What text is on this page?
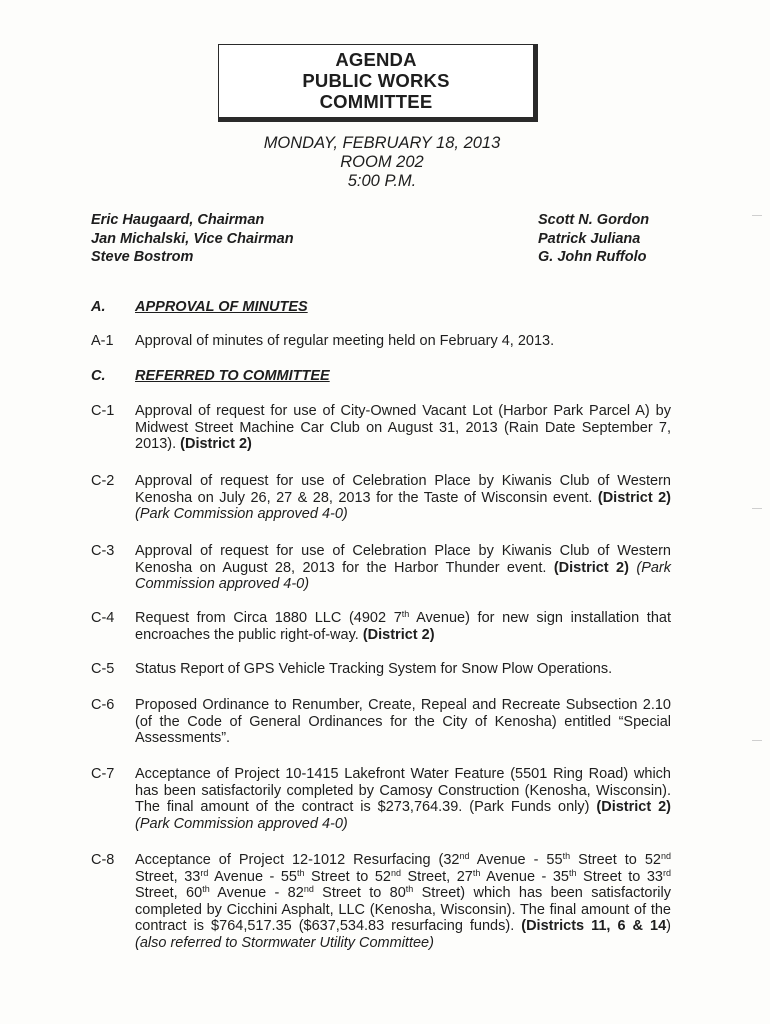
AGENDA
PUBLIC WORKS
COMMITTEE
MONDAY, FEBRUARY 18, 2013
ROOM 202
5:00 P.M.
Eric Haugaard, Chairman
Jan Michalski, Vice Chairman
Steve Bostrom
Scott N. Gordon
Patrick Juliana
G. John Ruffolo
A. APPROVAL OF MINUTES
A-1 Approval of minutes of regular meeting held on February 4, 2013.
C. REFERRED TO COMMITTEE
C-1 Approval of request for use of City-Owned Vacant Lot (Harbor Park Parcel A) by Midwest Street Machine Car Club on August 31, 2013 (Rain Date September 7, 2013). (District 2)
C-2 Approval of request for use of Celebration Place by Kiwanis Club of Western Kenosha on July 26, 27 & 28, 2013 for the Taste of Wisconsin event. (District 2) (Park Commission approved 4-0)
C-3 Approval of request for use of Celebration Place by Kiwanis Club of Western Kenosha on August 28, 2013 for the Harbor Thunder event. (District 2) (Park Commission approved 4-0)
C-4 Request from Circa 1880 LLC (4902 7th Avenue) for new sign installation that encroaches the public right-of-way. (District 2)
C-5 Status Report of GPS Vehicle Tracking System for Snow Plow Operations.
C-6 Proposed Ordinance to Renumber, Create, Repeal and Recreate Subsection 2.10 (of the Code of General Ordinances for the City of Kenosha) entitled “Special Assessments”.
C-7 Acceptance of Project 10-1415 Lakefront Water Feature (5501 Ring Road) which has been satisfactorily completed by Camosy Construction (Kenosha, Wisconsin). The final amount of the contract is $273,764.39. (Park Funds only) (District 2) (Park Commission approved 4-0)
C-8 Acceptance of Project 12-1012 Resurfacing (32nd Avenue - 55th Street to 52nd Street, 33rd Avenue - 55th Street to 52nd Street, 27th Avenue - 35th Street to 33rd Street, 60th Avenue - 82nd Street to 80th Street) which has been satisfactorily completed by Cicchini Asphalt, LLC (Kenosha, Wisconsin). The final amount of the contract is $764,517.35 ($637,534.83 resurfacing funds). (Districts 11, 6 & 14) (also referred to Stormwater Utility Committee)
